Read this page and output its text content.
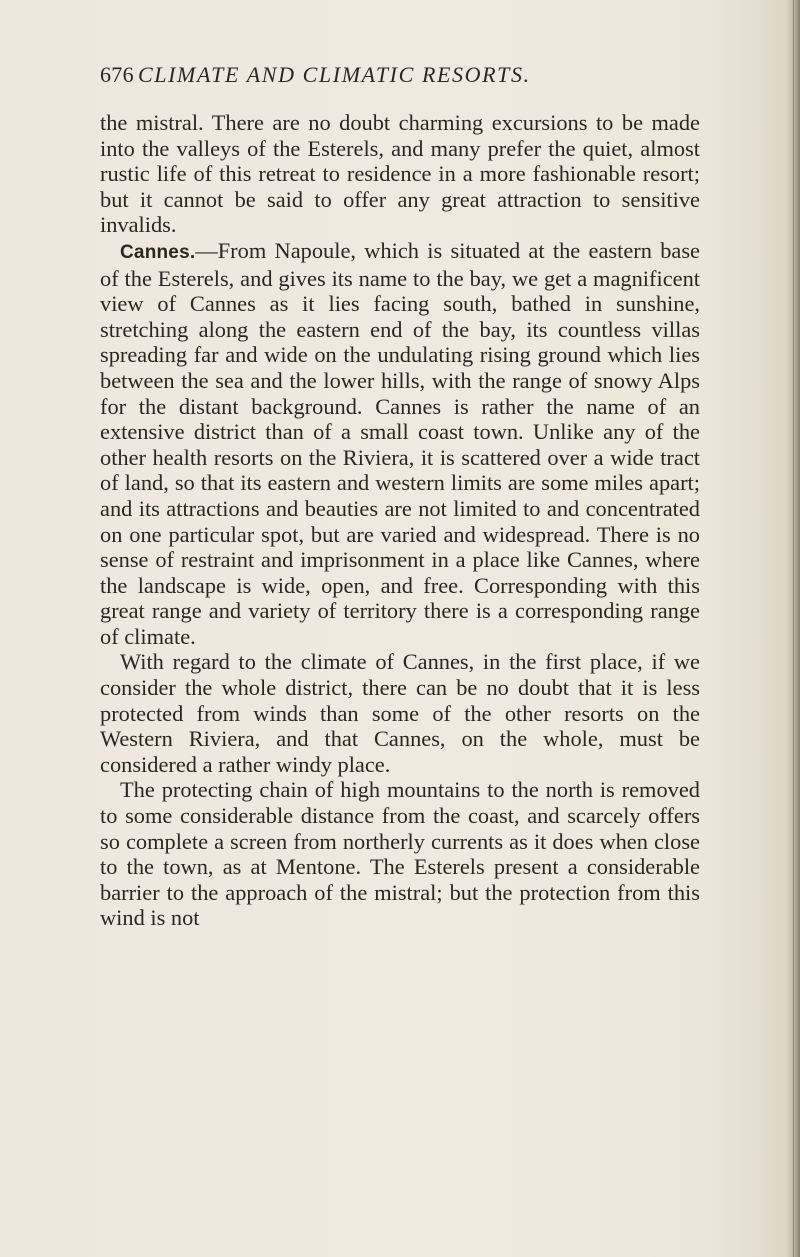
676 CLIMATE AND CLIMATIC RESORTS.

the mistral. There are no doubt charming excursions to be made into the valleys of the Esterels, and many prefer the quiet, almost rustic life of this retreat to residence in a more fashionable resort; but it cannot be said to offer any great attraction to sensitive invalids.

Cannes.—From Napoule, which is situated at the eastern base of the Esterels, and gives its name to the bay, we get a magnificent view of Cannes as it lies facing south, bathed in sunshine, stretching along the eastern end of the bay, its countless villas spreading far and wide on the undulating rising ground which lies between the sea and the lower hills, with the range of snowy Alps for the distant background. Cannes is rather the name of an extensive district than of a small coast town. Unlike any of the other health resorts on the Riviera, it is scattered over a wide tract of land, so that its eastern and western limits are some miles apart; and its attractions and beauties are not limited to and concentrated on one particular spot, but are varied and widespread. There is no sense of restraint and imprisonment in a place like Cannes, where the landscape is wide, open, and free. Corresponding with this great range and variety of territory there is a corresponding range of climate.

With regard to the climate of Cannes, in the first place, if we consider the whole district, there can be no doubt that it is less protected from winds than some of the other resorts on the Western Riviera, and that Cannes, on the whole, must be considered a rather windy place.

The protecting chain of high mountains to the north is removed to some considerable distance from the coast, and scarcely offers so complete a screen from northerly currents as it does when close to the town, as at Mentone. The Esterels present a considerable barrier to the approach of the mistral; but the protection from this wind is not
